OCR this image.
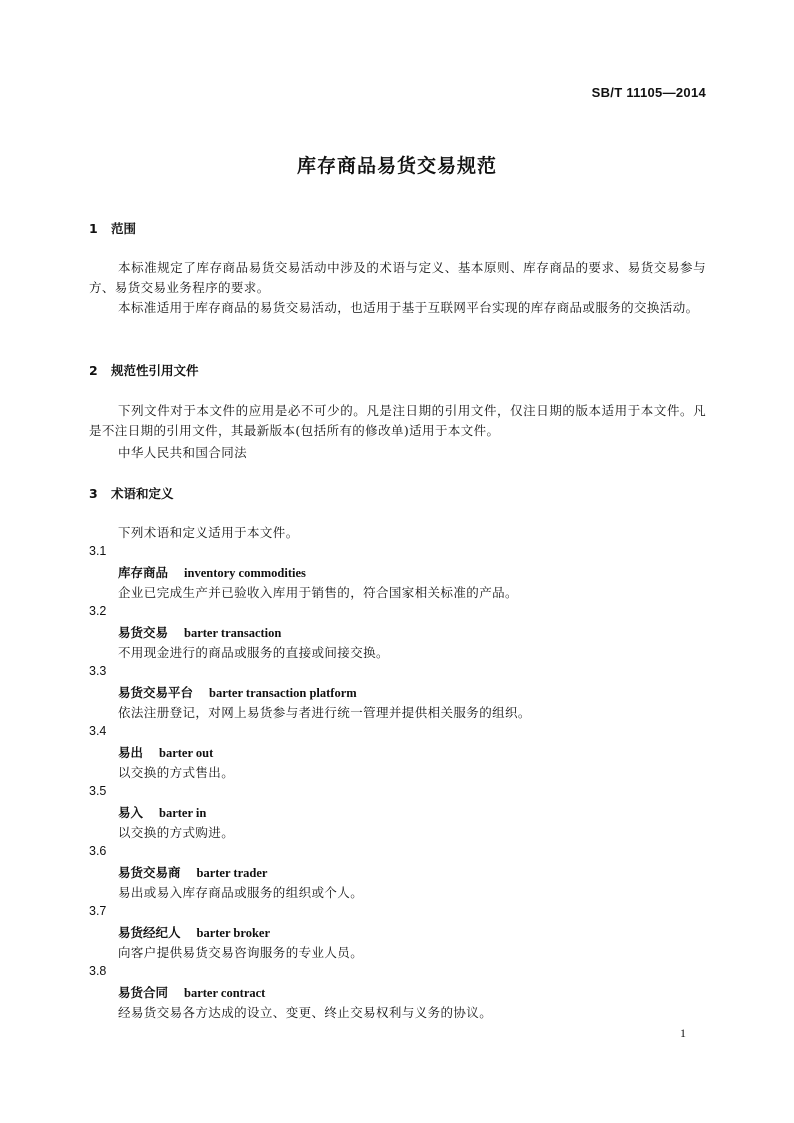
SB/T 11105—2014
库存商品易货交易规范
1 范围
本标准规定了库存商品易货交易活动中涉及的术语与定义、基本原则、库存商品的要求、易货交易参与方、易货交易业务程序的要求。
本标准适用于库存商品的易货交易活动，也适用于基于互联网平台实现的库存商品或服务的交换活动。
2 规范性引用文件
下列文件对于本文件的应用是必不可少的。凡是注日期的引用文件，仅注日期的版本适用于本文件。凡是不注日期的引用文件，其最新版本(包括所有的修改单)适用于本文件。
中华人民共和国合同法
3 术语和定义
下列术语和定义适用于本文件。
3.1
库存商品 inventory commodities
企业已完成生产并已验收入库用于销售的，符合国家相关标准的产品。
3.2
易货交易 barter transaction
不用现金进行的商品或服务的直接或间接交换。
3.3
易货交易平台 barter transaction platform
依法注册登记，对网上易货参与者进行统一管理并提供相关服务的组织。
3.4
易出 barter out
以交换的方式售出。
3.5
易入 barter in
以交换的方式购进。
3.6
易货交易商 barter trader
易出或易入库存商品或服务的组织或个人。
3.7
易货经纪人 barter broker
向客户提供易货交易咨询服务的专业人员。
3.8
易货合同 barter contract
经易货交易各方达成的设立、变更、终止交易权利与义务的协议。
1
